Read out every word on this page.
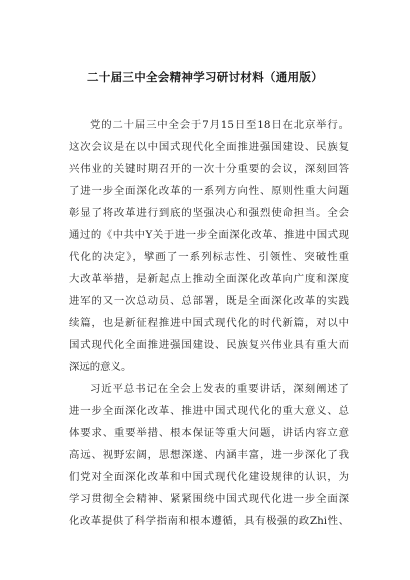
二十届三中全会精神学习研讨材料（通用版）
党的二十届三中全会于7月15日至18日在北京举行。
这次会议是在以中国式现代化全面推进强国建设、民族复
兴伟业的关键时期召开的一次十分重要的会议，深刻回答
了进一步全面深化改革的一系列方向性、原则性重大问题
彰显了将改革进行到底的坚强决心和强烈使命担当。全会
通过的《中共中Y关于进一步全面深化改革、推进中国式现
代化的决定》，擘画了一系列标志性、引领性、突破性重
大改革举措，是新起点上推动全面深化改革向广度和深度
进军的又一次总动员、总部署，既是全面深化改革的实践
续篇，也是新征程推进中国式现代化的时代新篇，对以中
国式现代化全面推进强国建设、民族复兴伟业具有重大而
深远的意义。
习近平总书记在全会上发表的重要讲话，深刻阐述了
进一步全面深化改革、推进中国式现代化的重大意义、总
体要求、重要举措、根本保证等重大问题，讲话内容立意
高远、视野宏阔，思想深遂、内涵丰富，进一步深化了我
们党对全面深化改革和中国式现代化建设规律的认识，为
学习贯彻全会精神、紧紧围绕中国式现代化进一步全面深
化改革提供了科学指南和根本遵循，具有极强的政Zhi性、
